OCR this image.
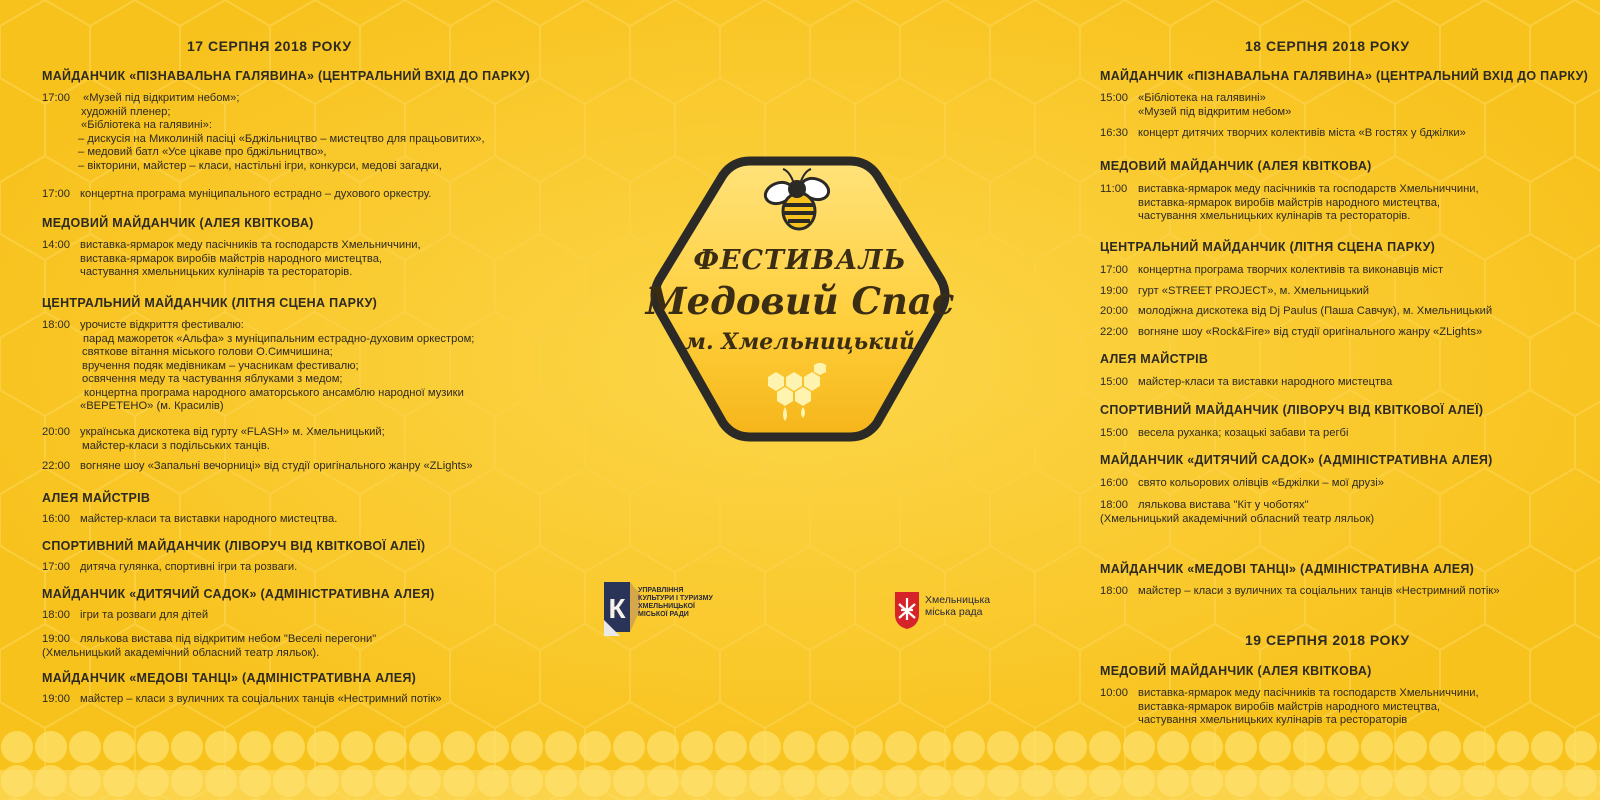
17 СЕРПНЯ 2018 РОКУ
МАЙДАНЧИК «ПІЗНАВАЛЬНА ГАЛЯВИНА» (ЦЕНТРАЛЬНИЙ ВХІД ДО ПАРКУ)
17:00	«Музей під відкритим небом»;
художній пленер;
«Бібліотека на галявині»:
– дискусія на Миколиній пасіці «Бджільництво – мистецтво для працьовитих»,
– медовий батл «Усе цікаве про бджільництво»,
– вікторини, майстер – класи, настільні ігри, конкурси, медові загадки,
17:00 концертна програма муніципального естрадно – духового оркестру.
МЕДОВИЙ МАЙДАНЧИК (АЛЕЯ КВІТКОВА)
14:00 виставка-ярмарок меду пасічників та господарств Хмельниччини,
виставка-ярмарок виробів майстрів народного мистецтва,
частування хмельницьких кулінарів та рестораторів.
ЦЕНТРАЛЬНИЙ МАЙДАНЧИК (ЛІТНЯ СЦЕНА ПАРКУ)
18:00 урочисте відкриття фестивалю:
парад мажореток «Альфа» з муніципальним естрадно-духовим оркестром;
святкове вітання міського голови О.Симчишина;
вручення подяк медівникам – учасникам фестивалю;
освячення меду та частування яблуками з медом;
концертна програма народного аматорського ансамблю народної музики
«ВЕРЕТЕНО» (м. Красилів)
20:00 українська дискотека від гурту «FLASH» м. Хмельницький;
майстер-класи з подільських танців.
22:00 вогняне шоу «Запальні вечорниці» від студії оригінального жанру «ZLights»
АЛЕЯ МАЙСТРІВ
16:00 майстер-класи та виставки народного мистецтва.
СПОРТИВНИЙ МАЙДАНЧИК (ЛІВОРУЧ ВІД КВІТКОВОЇ АЛЕЇ)
17:00 дитяча гулянка, спортивні ігри та розваги.
МАЙДАНЧИК «ДИТЯЧИЙ САДОК» (АДМІНІСТРАТИВНА АЛЕЯ)
18:00 ігри та розваги для дітей
19:00 лялькова вистава під відкритим небом "Веселі перегони"
(Хмельницький академічний обласний театр ляльок).
МАЙДАНЧИК «МЕДОВІ ТАНЦІ» (АДМІНІСТРАТИВНА АЛЕЯ)
19:00 майстер – класи з вуличних та соціальних танців «Нестримний потік»
ФЕСТИВАЛЬ
Медовий Спас
м. Хмельницький
К
УПРАВЛІННЯ
КУЛЬТУРИ І ТУРИЗМУ
ХМЕЛЬНИЦЬКОЇ
МІСЬКОЇ РАДИ
Хмельницька
міська рада
18 СЕРПНЯ 2018 РОКУ
МАЙДАНЧИК «ПІЗНАВАЛЬНА ГАЛЯВИНА» (ЦЕНТРАЛЬНИЙ ВХІД ДО ПАРКУ)
15:00 «Бібліотека на галявині»
«Музей під відкритим небом»
16:30 концерт дитячих творчих колективів міста «В гостях у бджілки»
МЕДОВИЙ МАЙДАНЧИК (АЛЕЯ КВІТКОВА)
11:00 виставка-ярмарок меду пасічників та господарств Хмельниччини,
виставка-ярмарок виробів майстрів народного мистецтва,
частування хмельницьких кулінарів та рестораторів.
ЦЕНТРАЛЬНИЙ МАЙДАНЧИК (ЛІТНЯ СЦЕНА ПАРКУ)
17:00 концертна програма творчих колективів та виконавців міст
19:00 гурт «STREET PROJECT», м. Хмельницький
20:00 молодіжна дискотека від Dj Paulus (Паша Савчук), м. Хмельницький
22:00 вогняне шоу «Rock&Fire» від студії оригінального жанру «ZLights»
АЛЕЯ МАЙСТРІВ
15:00 майстер-класи та виставки народного мистецтва
СПОРТИВНИЙ МАЙДАНЧИК (ЛІВОРУЧ ВІД КВІТКОВОЇ АЛЕЇ)
15:00 весела руханка; козацькі забави та регбі
МАЙДАНЧИК «ДИТЯЧИЙ САДОК» (АДМІНІСТРАТИВНА АЛЕЯ)
16:00 свято кольорових олівців «Бджілки – мої друзі»
18:00 лялькова вистава "Кіт у чоботях"
(Хмельницький академічний обласний театр ляльок)
МАЙДАНЧИК «МЕДОВІ ТАНЦІ» (АДМІНІСТРАТИВНА АЛЕЯ)
18:00 майстер – класи з вуличних та соціальних танців «Нестримний потік»
19 СЕРПНЯ 2018 РОКУ
МЕДОВИЙ МАЙДАНЧИК (АЛЕЯ КВІТКОВА)
10:00 виставка-ярмарок меду пасічників та господарств Хмельниччини,
виставка-ярмарок виробів майстрів народного мистецтва,
частування хмельницьких кулінарів та рестораторів
